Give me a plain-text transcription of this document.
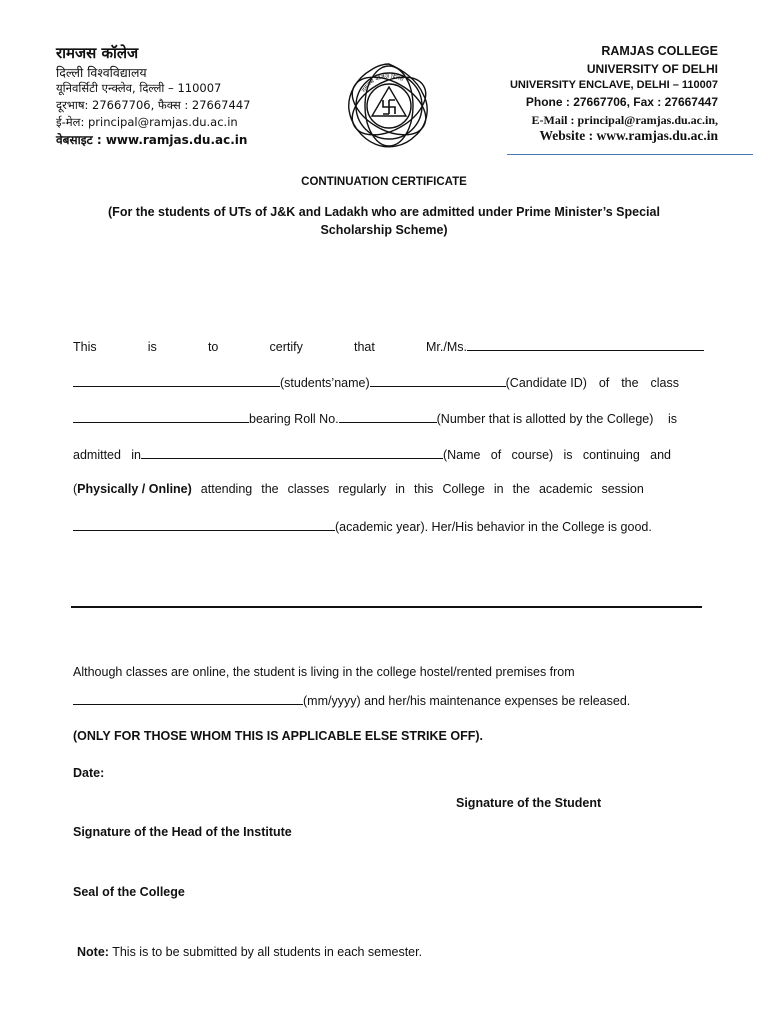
रामजस कॉलेज
दिल्ली विश्वविद्यालय
यूनिवर्सिटी एन्क्लेव, दिल्ली – 110007
दूरभाष: 27667706, फैक्स : 27667447
ई-मेल: principal@ramjas.du.ac.in
वेबसाइट : www.ramjas.du.ac.in
रामजस कॉलेज दिल्ली
RAMJAS COLLEGE
UNIVERSITY OF DELHI
UNIVERSITY ENCLAVE, DELHI – 110007
Phone : 27667706, Fax : 27667447
E-Mail : principal@ramjas.du.ac.in,
Website : www.ramjas.du.ac.in
CONTINUATION CERTIFICATE
(For the students of UTs of J&K and Ladakh who are admitted under Prime Minister’s Special
Scholarship Scheme)
This	is	to	certify	that	Mr./Ms.
(students’name)	(Candidate ID) of the class
bearing Roll No.	(Number that is allotted by the College) is
admitted in	(Name of course) is continuing and
(Physically / Online) attending the classes regularly in this College in the academic session
(academic year). Her/His behavior in the College is good.
Although classes are online, the student is living in the college hostel/rented premises from
(mm/yyyy) and her/his maintenance expenses be released.
(ONLY FOR THOSE WHOM THIS IS APPLICABLE ELSE STRIKE OFF).
Date:
Signature of the Student
Signature of the Head of the Institute
Seal of the College
Note: This is to be submitted by all students in each semester.
